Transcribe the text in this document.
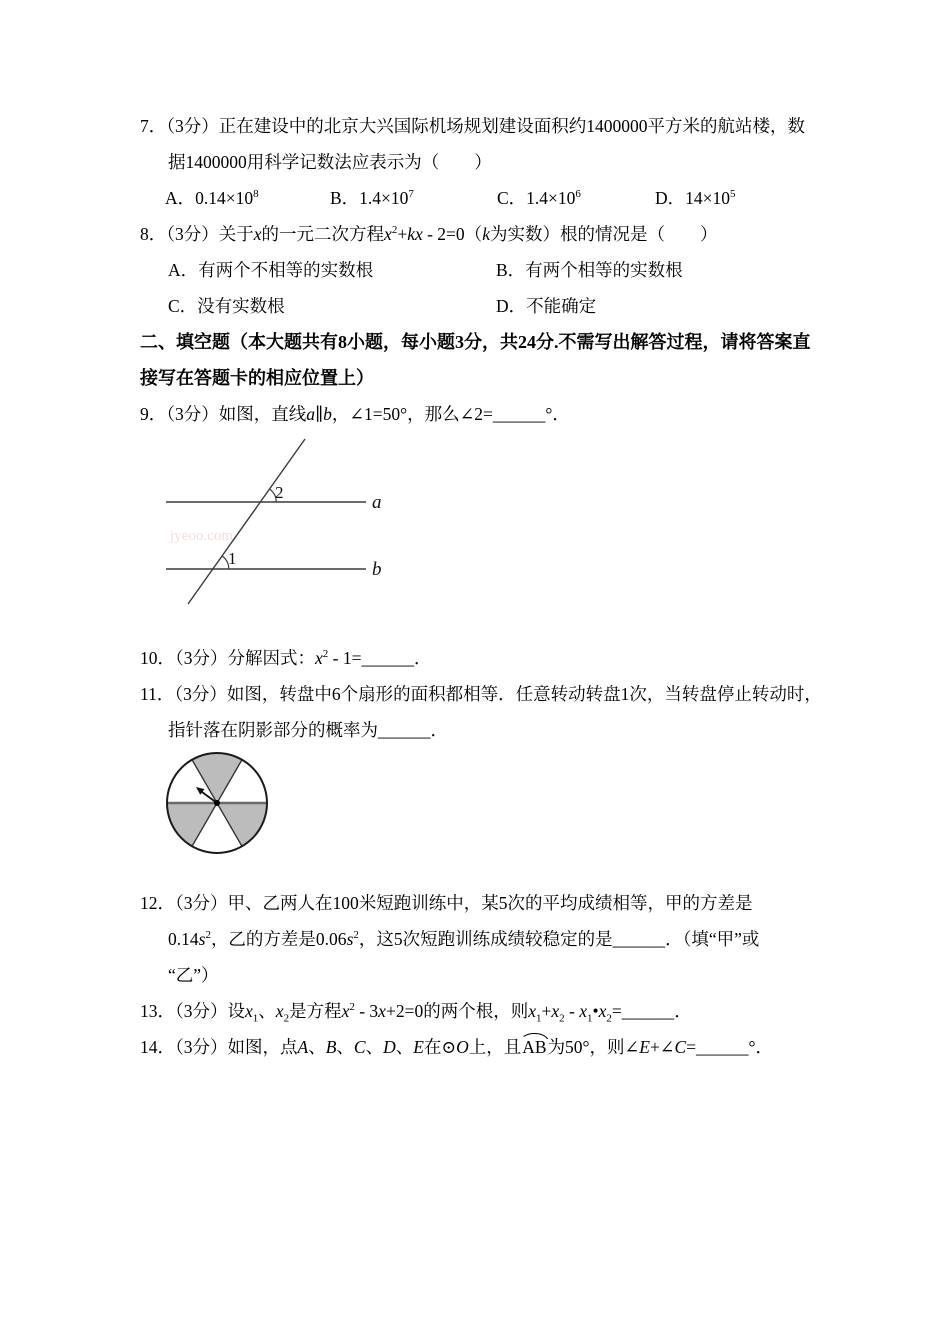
7．（3分）正在建设中的北京大兴国际机场规划建设面积约1400000平方米的航站楼，数
据1400000用科学记数法应表示为（　　）
A．$0.14\times 10^8$	B．$1.4\times 10^7$	C．$1.4\times 10^6$	D．$14\times 10^5$
8．（3分）关于x的一元二次方程$x^2+kx - 2=0(k$为实数）根的情况是（　　）
A．有两个不相等的实数根	B．有两个相等的实数根
C．没有实数根	D．不能确定
二、填空题（本大题共有8小题，每小题3分，共24分.不需写出解答过程，请将答案直
接写在答题卡的相应位置上）
9．（3分）如图，直线a∥b，∠1=50°，那么∠2=______°．
jyeoo.com
2
1
a
b
10．（3分）分解因式：$x^2$ - 1=______．
11．（3分）如图，转盘中6个扇形的面积都相等．任意转动转盘1次，当转盘停止转动时，
指针落在阴影部分的概率为______．
12．（3分）甲、乙两人在100米短跑训练中，某5次的平均成绩相等，甲的方差是
$0.14s^2$，乙的方差是$0.06s^2$，这5次短跑训练成绩较稳定的是______．（填“甲”或
“乙”）
13．（3分）设$x_1$、$x_2$是方程$x^2 - 3x+2=0$的两个根，则$x_1+x_2$ - $x_1•x_2=\_\_\_\_\_\_$．
14．（3分）如图，点A、B、C、D、E在⊙O上，且AB为50°，则∠E+∠C=______°．
